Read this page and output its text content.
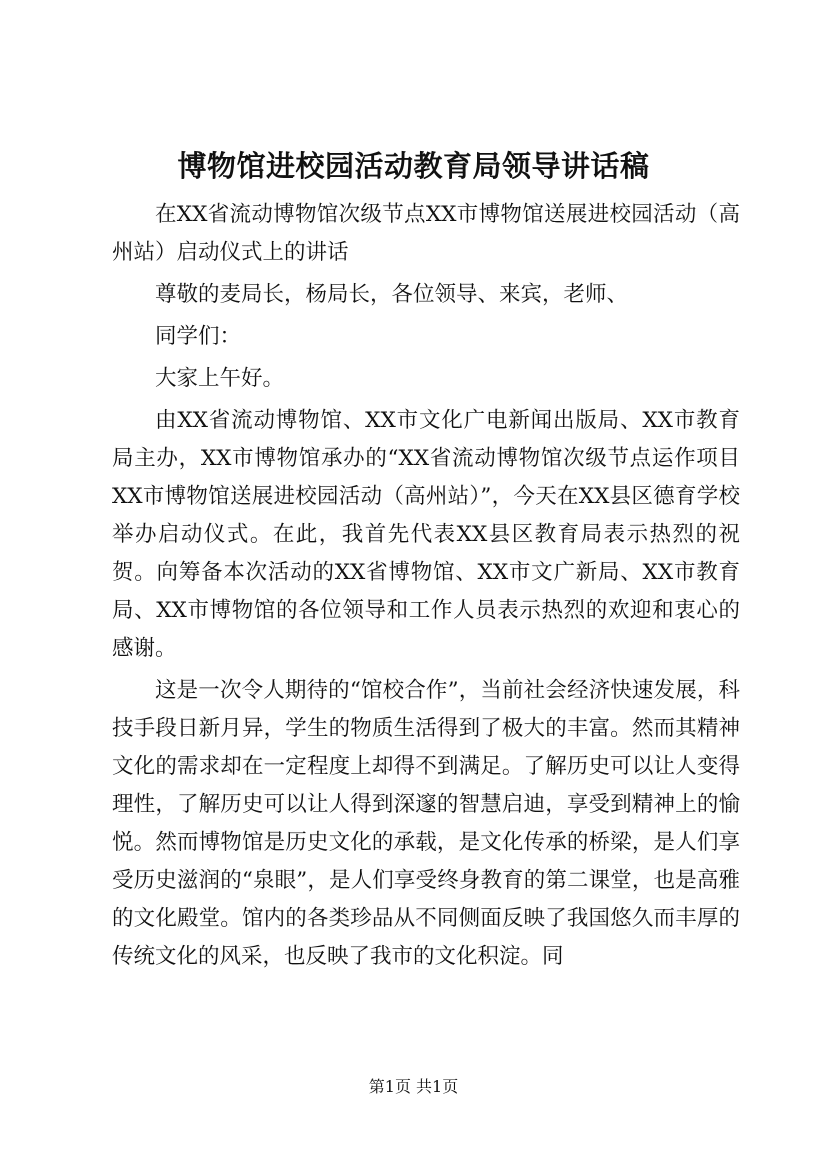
博物馆进校园活动教育局领导讲话稿

在XX省流动博物馆次级节点XX市博物馆送展进校园活动（高州站）启动仪式上的讲话

尊敬的麦局长，杨局长，各位领导、来宾，老师、

同学们：

大家上午好。

由XX省流动博物馆、XX市文化广电新闻出版局、XX市教育局主办，XX市博物馆承办的“XX省流动博物馆次级节点运作项目XX市博物馆送展进校园活动（高州站）”，今天在XX县区德育学校举办启动仪式。在此，我首先代表XX县区教育局表示热烈的祝贺。向筹备本次活动的XX省博物馆、XX市文广新局、XX市教育局、XX市博物馆的各位领导和工作人员表示热烈的欢迎和衷心的感谢。

这是一次令人期待的“馆校合作”，当前社会经济快速发展，科技手段日新月异，学生的物质生活得到了极大的丰富。然而其精神文化的需求却在一定程度上却得不到满足。了解历史可以让人变得理性，了解历史可以让人得到深邃的智慧启迪，享受到精神上的愉悦。然而博物馆是历史文化的承载，是文化传承的桥梁，是人们享受历史滋润的“泉眼”，是人们享受终身教育的第二课堂，也是高雅的文化殿堂。馆内的各类珍品从不同侧面反映了我国悠久而丰厚的传统文化的风采，也反映了我市的文化积淀。同

第1页 共1页
